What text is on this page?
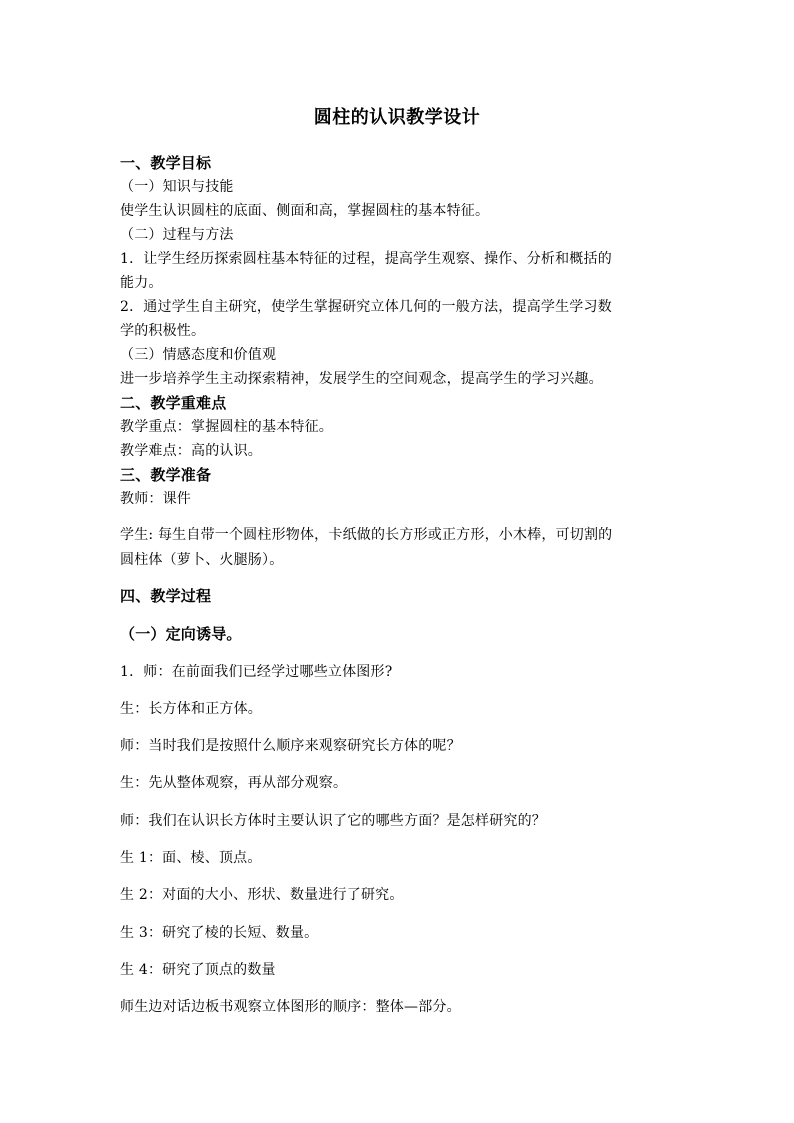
圆柱的认识教学设计
一、教学目标
（一）知识与技能
使学生认识圆柱的底面、侧面和高，掌握圆柱的基本特征。
（二）过程与方法
1．让学生经历探索圆柱基本特征的过程，提高学生观察、操作、分析和概括的
能力。
2．通过学生自主研究，使学生掌握研究立体几何的一般方法，提高学生学习数
学的积极性。
（三）情感态度和价值观
进一步培养学生主动探索精神，发展学生的空间观念，提高学生的学习兴趣。
二、教学重难点
教学重点：掌握圆柱的基本特征。
教学难点：高的认识。
三、教学准备
教师：课件
学生: 每生自带一个圆柱形物体，卡纸做的长方形或正方形，小木棒，可切割的
圆柱体（萝卜、火腿肠）。
四、教学过程
（一）定向诱导。
1．师：在前面我们已经学过哪些立体图形?
生：长方体和正方体。
师：当时我们是按照什么顺序来观察研究长方体的呢？
生：先从整体观察，再从部分观察。
师：我们在认识长方体时主要认识了它的哪些方面？是怎样研究的？
生 1：面、棱、顶点。
生 2：对面的大小、形状、数量进行了研究。
生 3：研究了棱的长短、数量。
生 4：研究了顶点的数量
师生边对话边板书观察立体图形的顺序：整体—部分。
